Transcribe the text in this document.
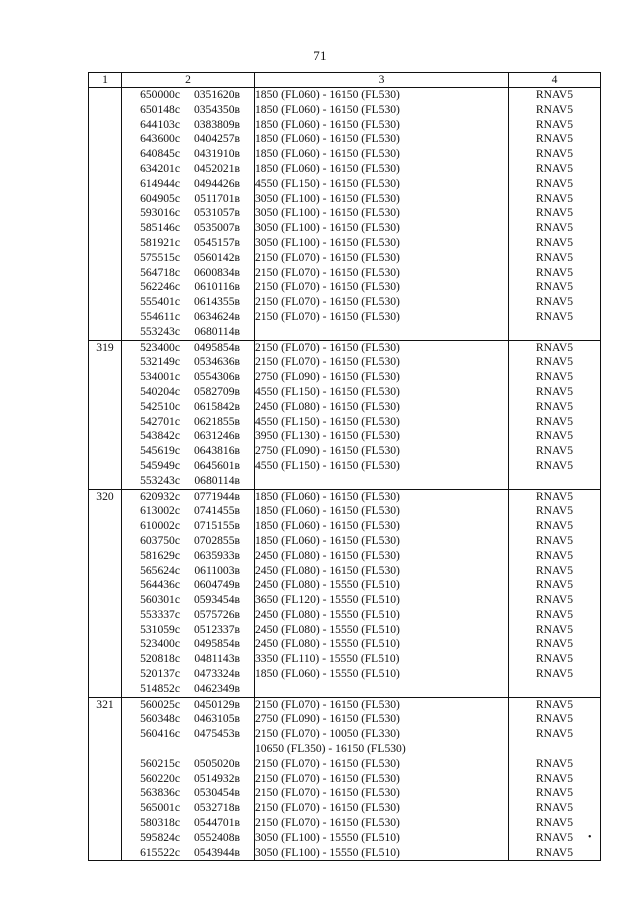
71
1	2	3	4
	650000с 0351620в	1850 (FL060) - 16150 (FL530)	RNAV5
	650148с 0354350в	1850 (FL060) - 16150 (FL530)	RNAV5
	644103с 0383809в	1850 (FL060) - 16150 (FL530)	RNAV5
	643600с 0404257в	1850 (FL060) - 16150 (FL530)	RNAV5
	640845с 0431910в	1850 (FL060) - 16150 (FL530)	RNAV5
	634201с 0452021в	1850 (FL060) - 16150 (FL530)	RNAV5
	614944с 0494426в	4550 (FL150) - 16150 (FL530)	RNAV5
	604905с 0511701в	3050 (FL100) - 16150 (FL530)	RNAV5
	593016с 0531057в	3050 (FL100) - 16150 (FL530)	RNAV5
	585146с 0535007в	3050 (FL100) - 16150 (FL530)	RNAV5
	581921с 0545157в	3050 (FL100) - 16150 (FL530)	RNAV5
	575515с 0560142в	2150 (FL070) - 16150 (FL530)	RNAV5
	564718с 0600834в	2150 (FL070) - 16150 (FL530)	RNAV5
	562246с 0610116в	2150 (FL070) - 16150 (FL530)	RNAV5
	555401с 0614355в	2150 (FL070) - 16150 (FL530)	RNAV5
	554611с 0634624в	2150 (FL070) - 16150 (FL530)	RNAV5
	553243с 0680114в		
319	523400с 0495854в	2150 (FL070) - 16150 (FL530)	RNAV5
	532149с 0534636в	2150 (FL070) - 16150 (FL530)	RNAV5
	534001с 0554306в	2750 (FL090) - 16150 (FL530)	RNAV5
	540204с 0582709в	4550 (FL150) - 16150 (FL530)	RNAV5
	542510с 0615842в	2450 (FL080) - 16150 (FL530)	RNAV5
	542701с 0621855в	4550 (FL150) - 16150 (FL530)	RNAV5
	543842с 0631246в	3950 (FL130) - 16150 (FL530)	RNAV5
	545619с 0643816в	2750 (FL090) - 16150 (FL530)	RNAV5
	545949с 0645601в	4550 (FL150) - 16150 (FL530)	RNAV5
	553243с 0680114в		
320	620932с 0771944в	1850 (FL060) - 16150 (FL530)	RNAV5
	613002с 0741455в	1850 (FL060) - 16150 (FL530)	RNAV5
	610002с 0715155в	1850 (FL060) - 16150 (FL530)	RNAV5
	603750с 0702855в	1850 (FL060) - 16150 (FL530)	RNAV5
	581629с 0635933в	2450 (FL080) - 16150 (FL530)	RNAV5
	565624с 0611003в	2450 (FL080) - 16150 (FL530)	RNAV5
	564436с 0604749в	2450 (FL080) - 15550 (FL510)	RNAV5
	560301с 0593454в	3650 (FL120) - 15550 (FL510)	RNAV5
	553337с 0575726в	2450 (FL080) - 15550 (FL510)	RNAV5
	531059с 0512337в	2450 (FL080) - 15550 (FL510)	RNAV5
	523400с 0495854в	2450 (FL080) - 15550 (FL510)	RNAV5
	520818с 0481143в	3350 (FL110) - 15550 (FL510)	RNAV5
	520137с 0473324в	1850 (FL060) - 15550 (FL510)	RNAV5
	514852с 0462349в		
321	560025с 0450129в	2150 (FL070) - 16150 (FL530)	RNAV5
	560348с 0463105в	2750 (FL090) - 16150 (FL530)	RNAV5
	560416с 0475453в	2150 (FL070) - 10050 (FL330)	RNAV5
		10650 (FL350) - 16150 (FL530)	
	560215с 0505020в	2150 (FL070) - 16150 (FL530)	RNAV5
	560220с 0514932в	2150 (FL070) - 16150 (FL530)	RNAV5
	563836с 0530454в	2150 (FL070) - 16150 (FL530)	RNAV5
	565001с 0532718в	2150 (FL070) - 16150 (FL530)	RNAV5
	580318с 0544701в	2150 (FL070) - 16150 (FL530)	RNAV5
	595824с 0552408в	3050 (FL100) - 15550 (FL510)	RNAV5
	615522с 0543944в	3050 (FL100) - 15550 (FL510)	RNAV5
•
